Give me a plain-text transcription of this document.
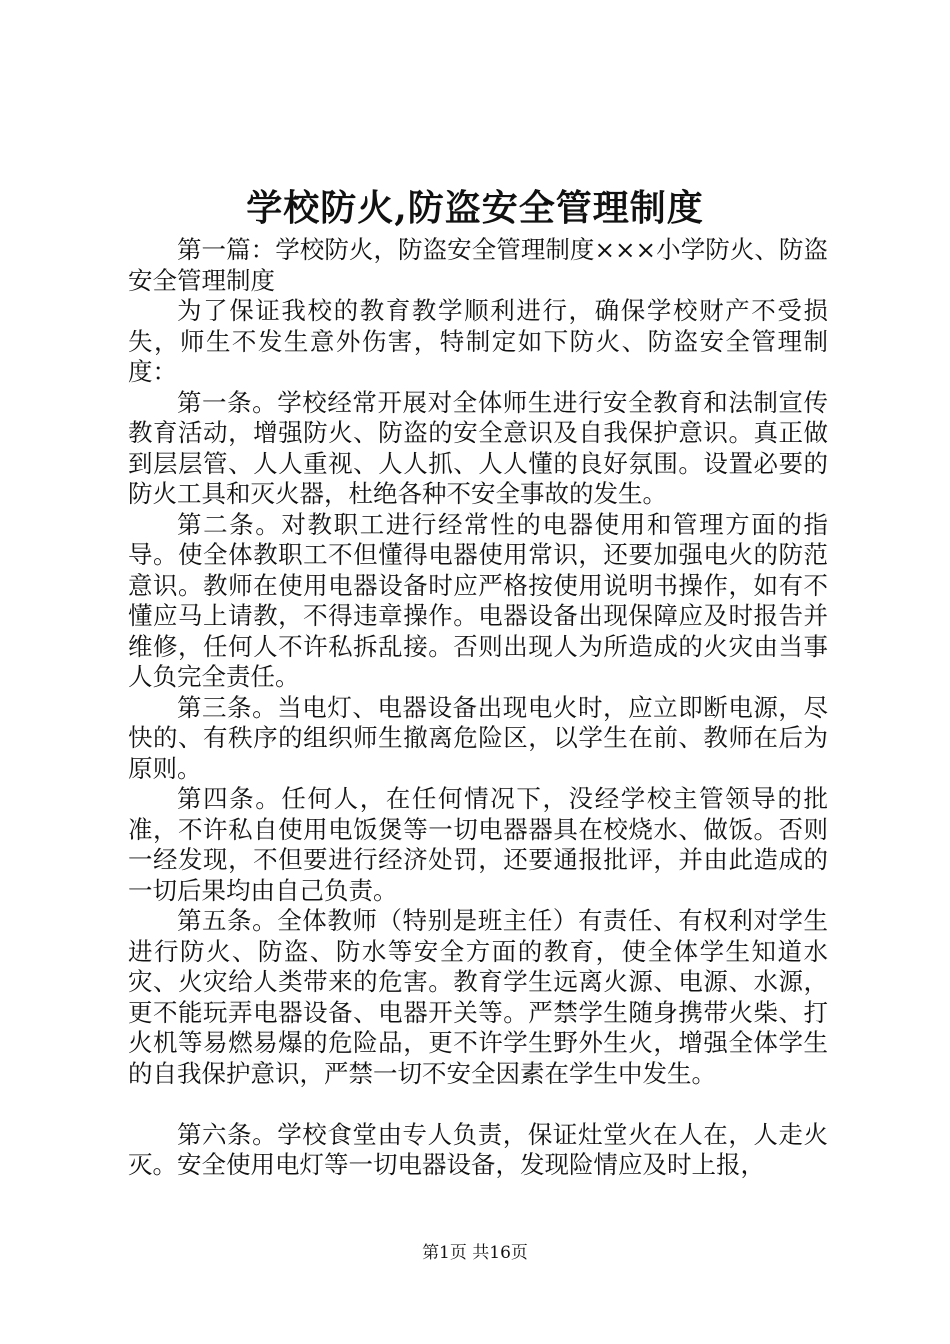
学校防火,防盗安全管理制度

第一篇：学校防火，防盗安全管理制度×××小学防火、防盗安全管理制度

为了保证我校的教育教学顺利进行，确保学校财产不受损失，师生不发生意外伤害，特制定如下防火、防盗安全管理制度：

第一条。学校经常开展对全体师生进行安全教育和法制宣传教育活动，增强防火、防盗的安全意识及自我保护意识。真正做到层层管、人人重视、人人抓、人人懂的良好氛围。设置必要的防火工具和灭火器，杜绝各种不安全事故的发生。

第二条。对教职工进行经常性的电器使用和管理方面的指导。使全体教职工不但懂得电器使用常识，还要加强电火的防范意识。教师在使用电器设备时应严格按使用说明书操作，如有不懂应马上请教，不得违章操作。电器设备出现保障应及时报告并维修，任何人不许私拆乱接。否则出现人为所造成的火灾由当事人负完全责任。

第三条。当电灯、电器设备出现电火时，应立即断电源，尽快的、有秩序的组织师生撤离危险区，以学生在前、教师在后为原则。

第四条。任何人，在任何情况下，没经学校主管领导的批准，不许私自使用电饭煲等一切电器器具在校烧水、做饭。否则一经发现，不但要进行经济处罚，还要通报批评，并由此造成的一切后果均由自己负责。

第五条。全体教师（特别是班主任）有责任、有权利对学生进行防火、防盗、防水等安全方面的教育，使全体学生知道水灾、火灾给人类带来的危害。教育学生远离火源、电源、水源，更不能玩弄电器设备、电器开关等。严禁学生随身携带火柴、打火机等易燃易爆的危险品，更不许学生野外生火，增强全体学生的自我保护意识，严禁一切不安全因素在学生中发生。

第六条。学校食堂由专人负责，保证灶堂火在人在，人走火灭。安全使用电灯等一切电器设备，发现险情应及时上报，

第1页 共16页
